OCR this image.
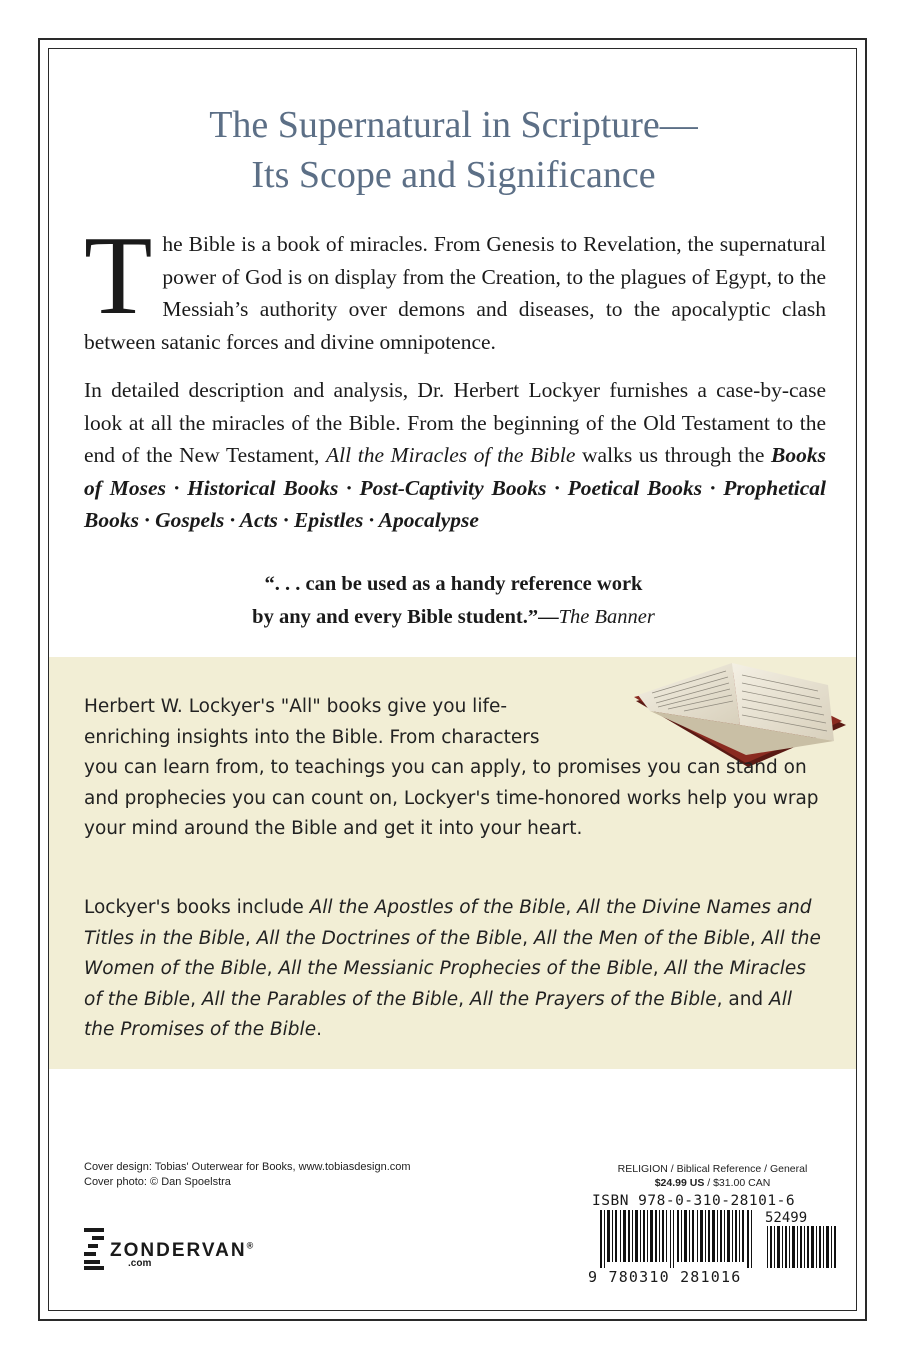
The Supernatural in Scripture—
Its Scope and Significance
The Bible is a book of miracles. From Genesis to Revelation, the supernatural power of God is on display from the Creation, to the plagues of Egypt, to the Messiah’s authority over demons and diseases, to the apocalyptic clash between satanic forces and divine omnipotence.
In detailed description and analysis, Dr. Herbert Lockyer furnishes a case-by-case look at all the miracles of the Bible. From the beginning of the Old Testament to the end of the New Testament, All the Miracles of the Bible walks us through the Books of Moses · Historical Books · Post-Captivity Books · Poetical Books · Prophetical Books · Gospels · Acts · Epistles · Apocalypse
“. . . can be used as a handy reference work
by any and every Bible student.”—The Banner
Herbert W. Lockyer's "All" books give you life-
enriching insights into the Bible. From characters
you can learn from, to teachings you can apply, to promises you can stand on and prophecies you can count on, Lockyer's time-honored works help you wrap your mind around the Bible and get it into your heart.
Lockyer's books include All the Apostles of the Bible, All the Divine Names and Titles in the Bible, All the Doctrines of the Bible, All the Men of the Bible, All the Women of the Bible, All the Messianic Prophecies of the Bible, All the Miracles of the Bible, All the Parables of the Bible, All the Prayers of the Bible, and All the Promises of the Bible.
Cover design: Tobias' Outerwear for Books, www.tobiasdesign.com
Cover photo: © Dan Spoelstra
ZONDERVAN®
.com
RELIGION / Biblical Reference / General
$24.99 US / $31.00 CAN
ISBN 978-0-310-28101-6
52499
9 780310 281016
